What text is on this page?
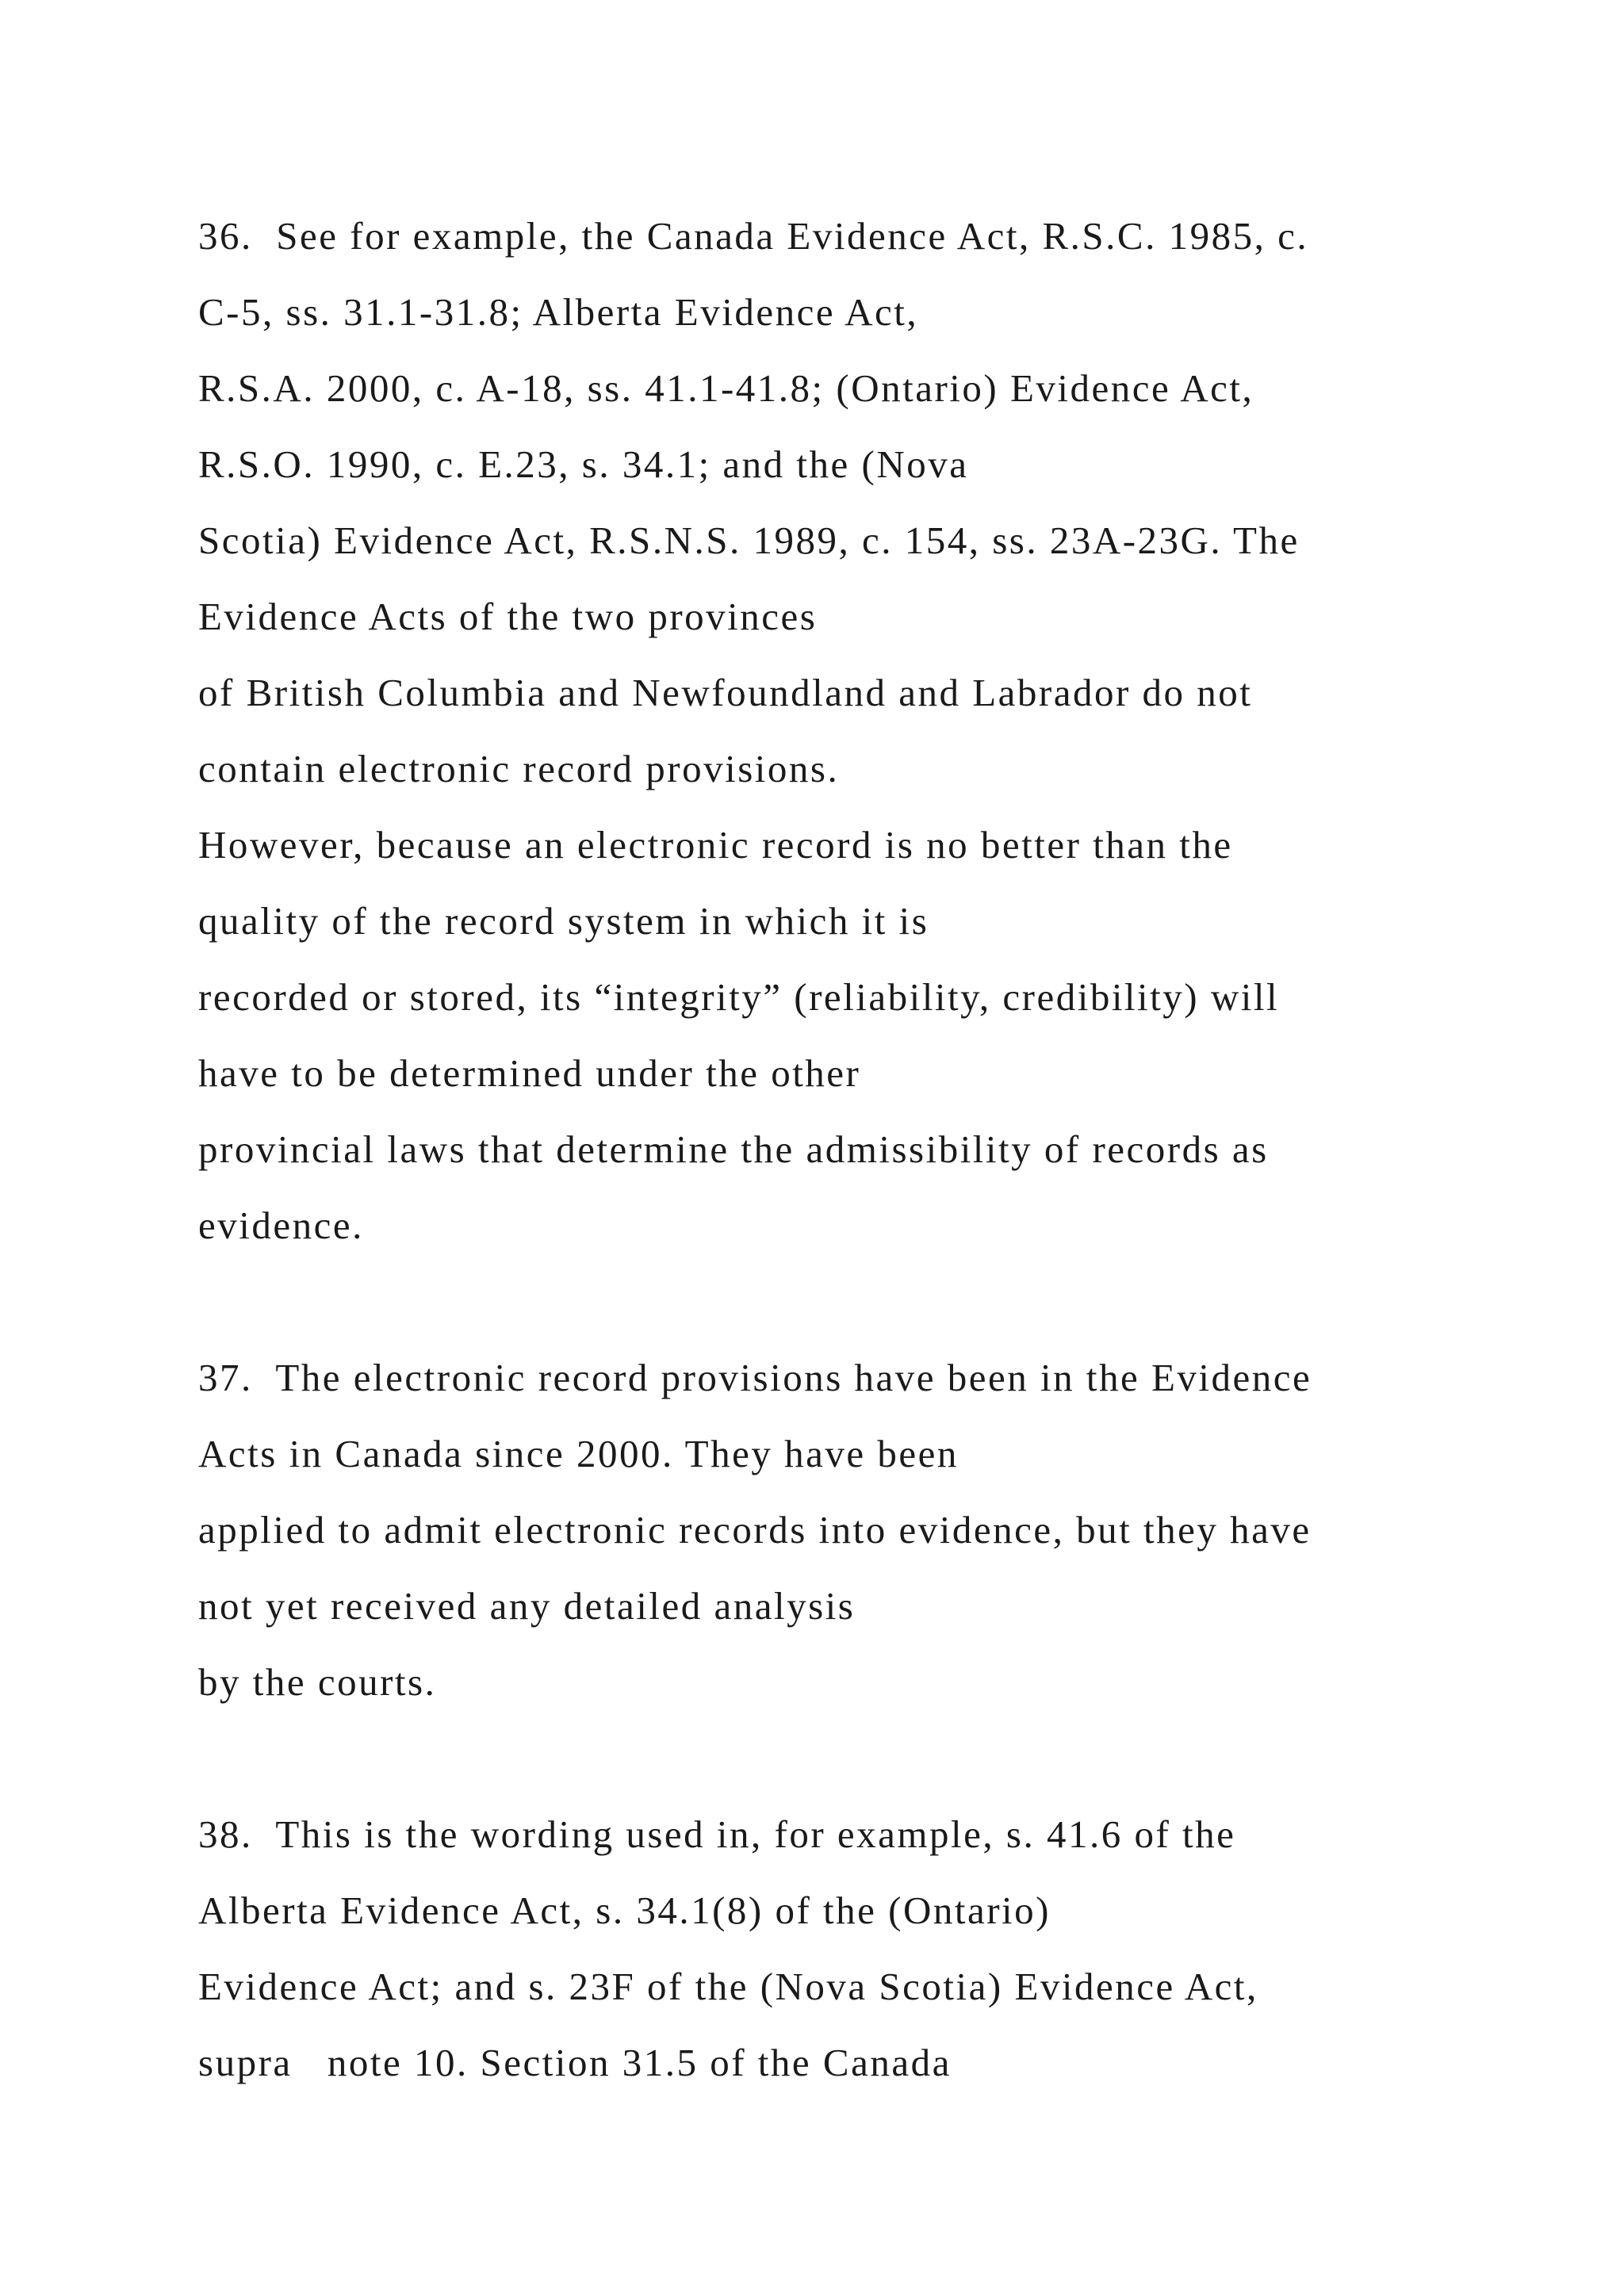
36.  See for example, the Canada Evidence Act, R.S.C. 1985, c.
C-5, ss. 31.1-31.8; Alberta Evidence Act,
R.S.A. 2000, c. A-18, ss. 41.1-41.8; (Ontario) Evidence Act,
R.S.O. 1990, c. E.23, s. 34.1; and the (Nova
Scotia) Evidence Act, R.S.N.S. 1989, c. 154, ss. 23A-23G. The
Evidence Acts of the two provinces
of British Columbia and Newfoundland and Labrador do not
contain electronic record provisions.
However, because an electronic record is no better than the
quality of the record system in which it is
recorded or stored, its “integrity” (reliability, credibility) will
have to be determined under the other
provincial laws that determine the admissibility of records as
evidence.
37.  The electronic record provisions have been in the Evidence
Acts in Canada since 2000. They have been
applied to admit electronic records into evidence, but they have
not yet received any detailed analysis
by the courts.
38.  This is the wording used in, for example, s. 41.6 of the
Alberta Evidence Act, s. 34.1(8) of the (Ontario)
Evidence Act; and s. 23F of the (Nova Scotia) Evidence Act,
supra   note 10. Section 31.5 of the Canada
